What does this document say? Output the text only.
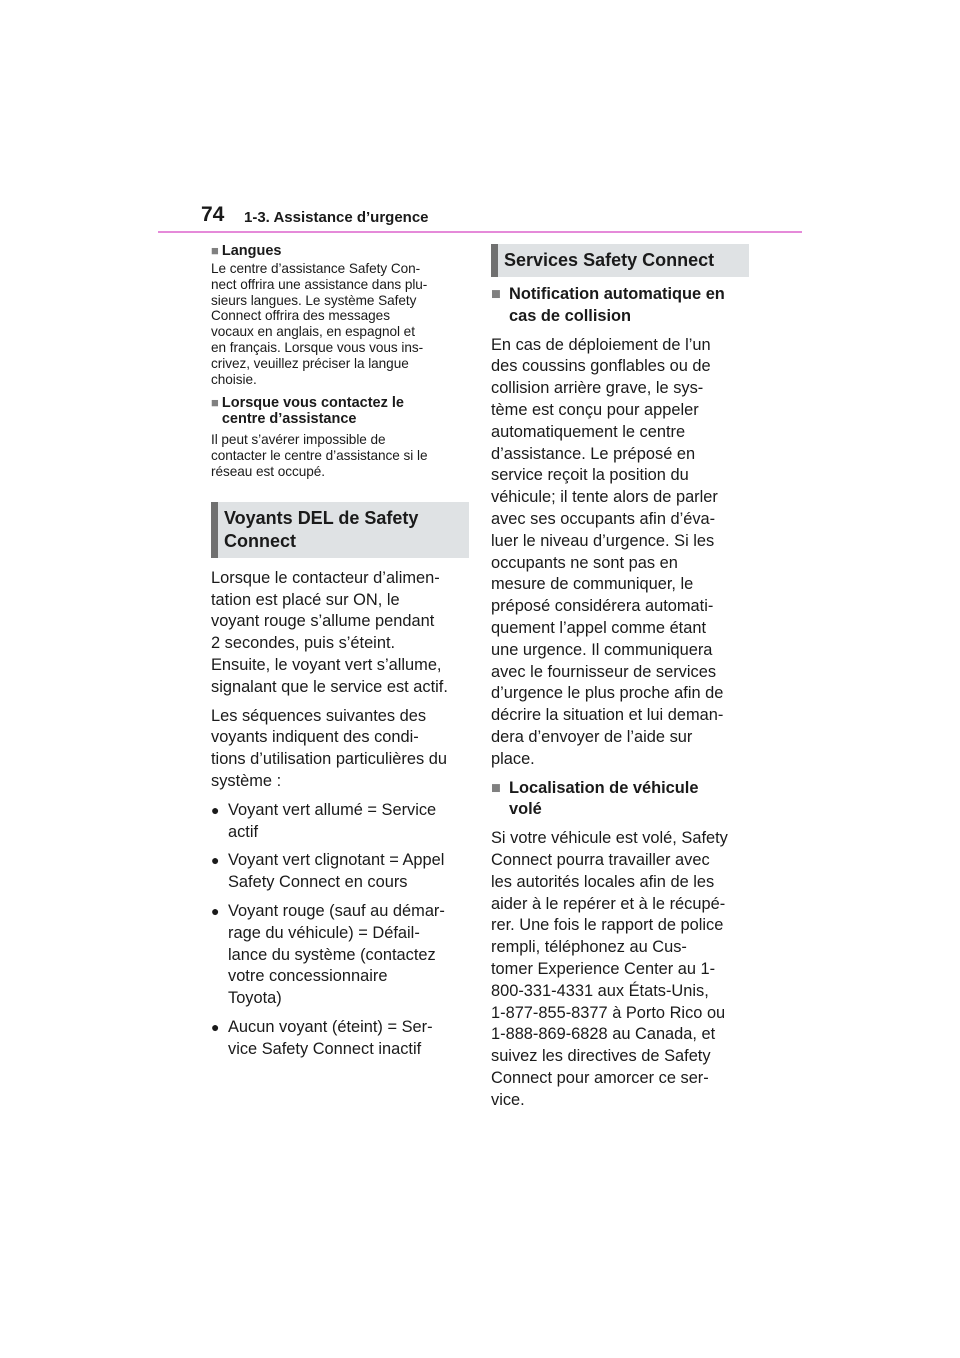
74 1-3. Assistance d’urgence
■ Langues
Le centre d’assistance Safety Con-
nect offrira une assistance dans plu-
sieurs langues. Le système Safety
Connect offrira des messages
vocaux en anglais, en espagnol et
en français. Lorsque vous vous ins-
crivez, veuillez préciser la langue
choisie.
■ Lorsque vous contactez le
centre d’assistance
Il peut s’avérer impossible de
contacter le centre d’assistance si le
réseau est occupé.
Voyants DEL de Safety
Connect
Lorsque le contacteur d’alimen-
tation est placé sur ON, le
voyant rouge s’allume pendant
2 secondes, puis s’éteint.
Ensuite, le voyant vert s’allume,
signalant que le service est actif.
Les séquences suivantes des
voyants indiquent des condi-
tions d’utilisation particulières du
système :
● Voyant vert allumé = Service
actif
● Voyant vert clignotant = Appel
Safety Connect en cours
● Voyant rouge (sauf au démar-
rage du véhicule) = Défail-
lance du système (contactez
votre concessionnaire
Toyota)
● Aucun voyant (éteint) = Ser-
vice Safety Connect inactif
Services Safety Connect
■ Notification automatique en
cas de collision
En cas de déploiement de l’un
des coussins gonflables ou de
collision arrière grave, le sys-
tème est conçu pour appeler
automatiquement le centre
d’assistance. Le préposé en
service reçoit la position du
véhicule; il tente alors de parler
avec ses occupants afin d’éva-
luer le niveau d’urgence. Si les
occupants ne sont pas en
mesure de communiquer, le
préposé considérera automati-
quement l’appel comme étant
une urgence. Il communiquera
avec le fournisseur de services
d’urgence le plus proche afin de
décrire la situation et lui deman-
dera d’envoyer de l’aide sur
place.
■ Localisation de véhicule
volé
Si votre véhicule est volé, Safety
Connect pourra travailler avec
les autorités locales afin de les
aider à le repérer et à le récupé-
rer. Une fois le rapport de police
rempli, téléphonez au Cus-
tomer Experience Center au 1-
800-331-4331 aux États-Unis,
1-877-855-8377 à Porto Rico ou
1-888-869-6828 au Canada, et
suivez les directives de Safety
Connect pour amorcer ce ser-
vice.
